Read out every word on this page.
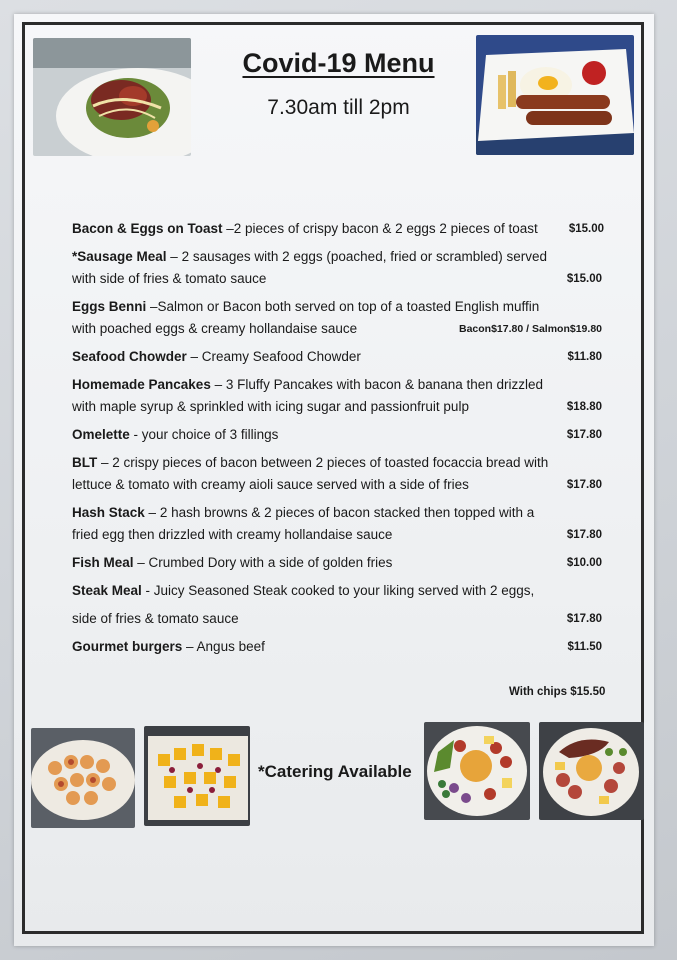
Covid-19 Menu
7.30am till 2pm
Bacon & Eggs on Toast –2 pieces of crispy bacon & 2 eggs 2 pieces of toast	$15.00
*Sausage Meal – 2 sausages with 2 eggs (poached, fried or scrambled) served
with side of fries & tomato sauce	$15.00
Eggs Benni –Salmon or Bacon both served on top of a toasted English muffin
with poached eggs & creamy hollandaise sauce	Bacon$17.80 / Salmon$19.80
Seafood Chowder – Creamy Seafood Chowder	$11.80
Homemade Pancakes – 3 Fluffy Pancakes with bacon & banana then drizzled
with maple syrup & sprinkled with icing sugar and passionfruit pulp	$18.80
Omelette - your choice of 3 fillings	$17.80
BLT – 2 crispy pieces of bacon between 2 pieces of toasted focaccia bread with
lettuce & tomato with creamy aioli sauce served with a side of fries	$17.80
Hash Stack – 2 hash browns & 2 pieces of bacon stacked then topped with a
fried egg then drizzled with creamy hollandaise sauce	$17.80
Fish Meal – Crumbed Dory with a side of golden fries	$10.00
Steak Meal - Juicy Seasoned Steak cooked to your liking served with 2 eggs,
side of fries & tomato sauce	$17.80
Gourmet burgers – Angus beef	$11.50
With chips $15.50
*Catering Available
